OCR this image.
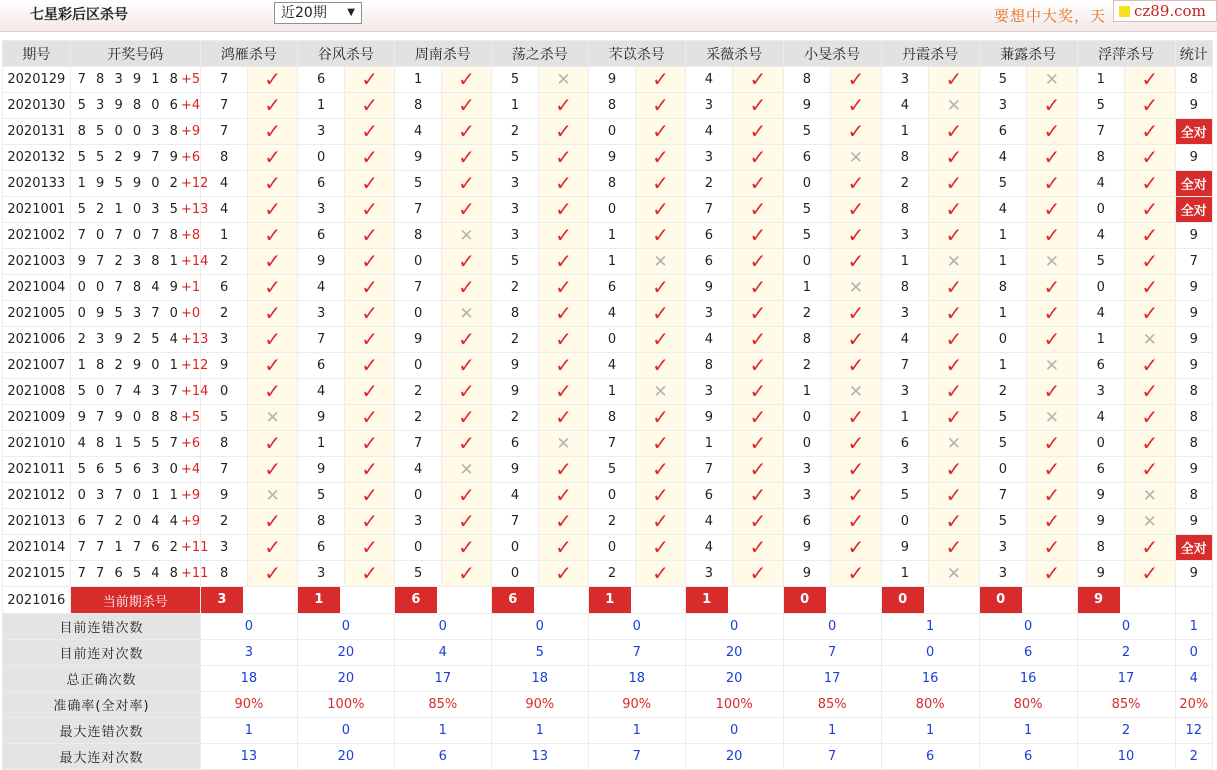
七星彩后区杀号	近20期 ▼	要想中大奖，天	cz89.com
期号	开奖号码	鸿雁杀号		谷风杀号		周南杀号		荡之杀号		芣苡杀号		采薇杀号		小旻杀号		丹霞杀号		蒹露杀号		浮萍杀号		统计
2020129	7 8 3 9 1 8+5	7	✓	6	✓	1	✓	5	✕	9	✓	4	✓	8	✓	3	✓	5	✕	1	✓	8
2020130	5 3 9 8 0 6+4	7	✓	1	✓	8	✓	1	✓	8	✓	3	✓	9	✓	4	✕	3	✓	5	✓	9
2020131	8 5 0 0 3 8+9	7	✓	3	✓	4	✓	2	✓	0	✓	4	✓	5	✓	1	✓	6	✓	7	✓	全对
2020132	5 5 2 9 7 9+6	8	✓	0	✓	9	✓	5	✓	9	✓	3	✓	6	✕	8	✓	4	✓	8	✓	9
2020133	1 9 5 9 0 2+12	4	✓	6	✓	5	✓	3	✓	8	✓	2	✓	0	✓	2	✓	5	✓	4	✓	全对
2021001	5 2 1 0 3 5+13	4	✓	3	✓	7	✓	3	✓	0	✓	7	✓	5	✓	8	✓	4	✓	0	✓	全对
2021002	7 0 7 0 7 8+8	1	✓	6	✓	8	✕	3	✓	1	✓	6	✓	5	✓	3	✓	1	✓	4	✓	9
2021003	9 7 2 3 8 1+14	2	✓	9	✓	0	✓	5	✓	1	✕	6	✓	0	✓	1	✕	1	✕	5	✓	7
2021004	0 0 7 8 4 9+1	6	✓	4	✓	7	✓	2	✓	6	✓	9	✓	1	✕	8	✓	8	✓	0	✓	9
2021005	0 9 5 3 7 0+0	2	✓	3	✓	0	✕	8	✓	4	✓	3	✓	2	✓	3	✓	1	✓	4	✓	9
2021006	2 3 9 2 5 4+13	3	✓	7	✓	9	✓	2	✓	0	✓	4	✓	8	✓	4	✓	0	✓	1	✕	9
2021007	1 8 2 9 0 1+12	9	✓	6	✓	0	✓	9	✓	4	✓	8	✓	2	✓	7	✓	1	✕	6	✓	9
2021008	5 0 7 4 3 7+14	0	✓	4	✓	2	✓	9	✓	1	✕	3	✓	1	✕	3	✓	2	✓	3	✓	8
2021009	9 7 9 0 8 8+5	5	✕	9	✓	2	✓	2	✓	8	✓	9	✓	0	✓	1	✓	5	✕	4	✓	8
2021010	4 8 1 5 5 7+6	8	✓	1	✓	7	✓	6	✕	7	✓	1	✓	0	✓	6	✕	5	✓	0	✓	8
2021011	5 6 5 6 3 0+4	7	✓	9	✓	4	✕	9	✓	5	✓	7	✓	3	✓	3	✓	0	✓	6	✓	9
2021012	0 3 7 0 1 1+9	9	✕	5	✓	0	✓	4	✓	0	✓	6	✓	3	✓	5	✓	7	✓	9	✕	8
2021013	6 7 2 0 4 4+9	2	✓	8	✓	3	✓	7	✓	2	✓	4	✓	6	✓	0	✓	5	✓	9	✕	9
2021014	7 7 1 7 6 2+11	3	✓	6	✓	0	✓	0	✓	0	✓	4	✓	9	✓	9	✓	3	✓	8	✓	全对
2021015	7 7 6 5 4 8+11	8	✓	3	✓	5	✓	0	✓	2	✓	3	✓	9	✓	1	✕	3	✓	9	✓	9
2021016	当前期杀号	3		1		6		6		1		1		0		0		0		9		

目前连错次数		0		0		0		0		0		0		0		1		0		0		1
目前连对次数		3		20		4		5		7		20		7		0		6		2		0
总正确次数		18		20		17		18		18		20		17		16		16		17		4
准确率(全对率)		90%		100%		85%		90%		90%		100%		85%		80%		80%		85%		20%
最大连错次数		1		0		1		1		1		0		1		1		1		2		12
最大连对次数		13		20		6		13		7		20		7		6		6		10		2
